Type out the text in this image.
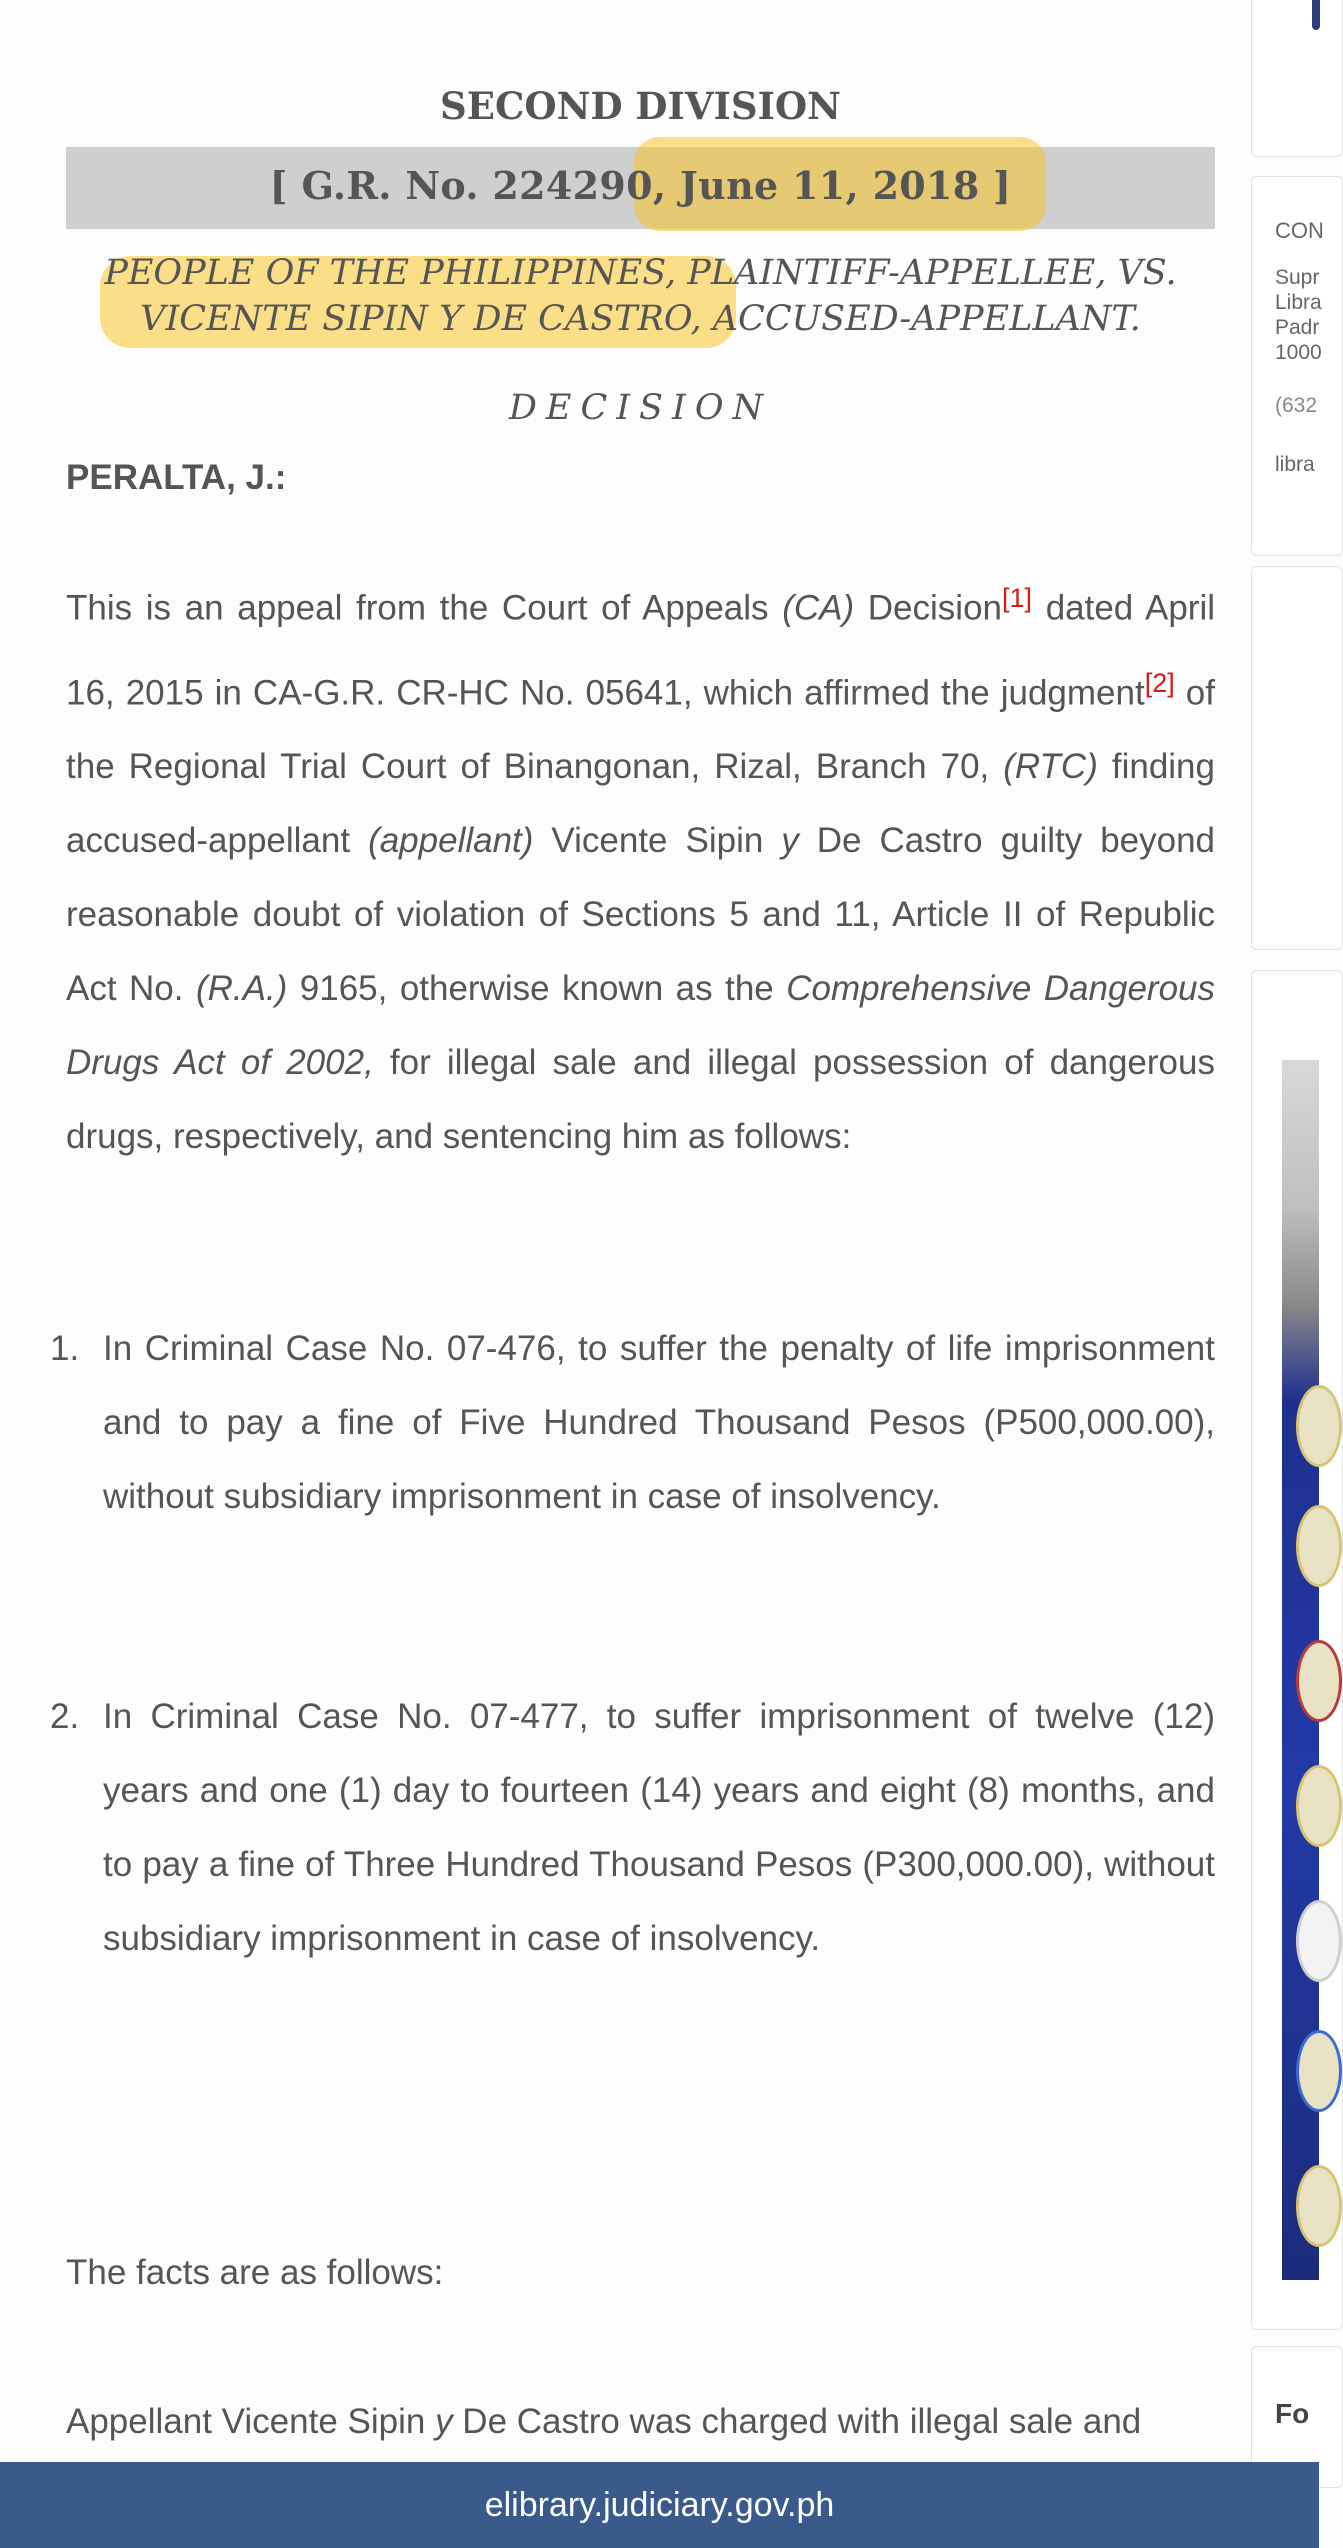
CON
Supr
Libra
Padr
1000
(632
libra
Fo
SECOND DIVISION
[ G.R. No. 224290, June 11, 2018 ]
PEOPLE OF THE PHILIPPINES, PLAINTIFF-APPELLEE, VS.
VICENTE SIPIN Y DE CASTRO, ACCUSED-APPELLANT.
DECISION
PERALTA, J.:

This is an appeal from the Court of Appeals (CA) Decision[1] dated April 16, 2015 in CA-G.R. CR-HC No. 05641, which affirmed the judgment[2] of the Regional Trial Court of Binangonan, Rizal, Branch 70, (RTC) finding accused-appellant (appellant) Vicente Sipin y De Castro guilty beyond reasonable doubt of violation of Sections 5 and 11, Article II of Republic Act No. (R.A.) 9165, otherwise known as the Comprehensive Dangerous Drugs Act of 2002, for illegal sale and illegal possession of dangerous drugs, respectively, and sentencing him as follows:

1. In Criminal Case No. 07-476, to suffer the penalty of life imprisonment and to pay a fine of Five Hundred Thousand Pesos (P500,000.00), without subsidiary imprisonment in case of insolvency.

2. In Criminal Case No. 07-477, to suffer imprisonment of twelve (12) years and one (1) day to fourteen (14) years and eight (8) months, and to pay a fine of Three Hundred Thousand Pesos (P300,000.00), without subsidiary imprisonment in case of insolvency.

The facts are as follows:

Appellant Vicente Sipin y De Castro was charged with illegal sale and

elibrary.judiciary.gov.ph
